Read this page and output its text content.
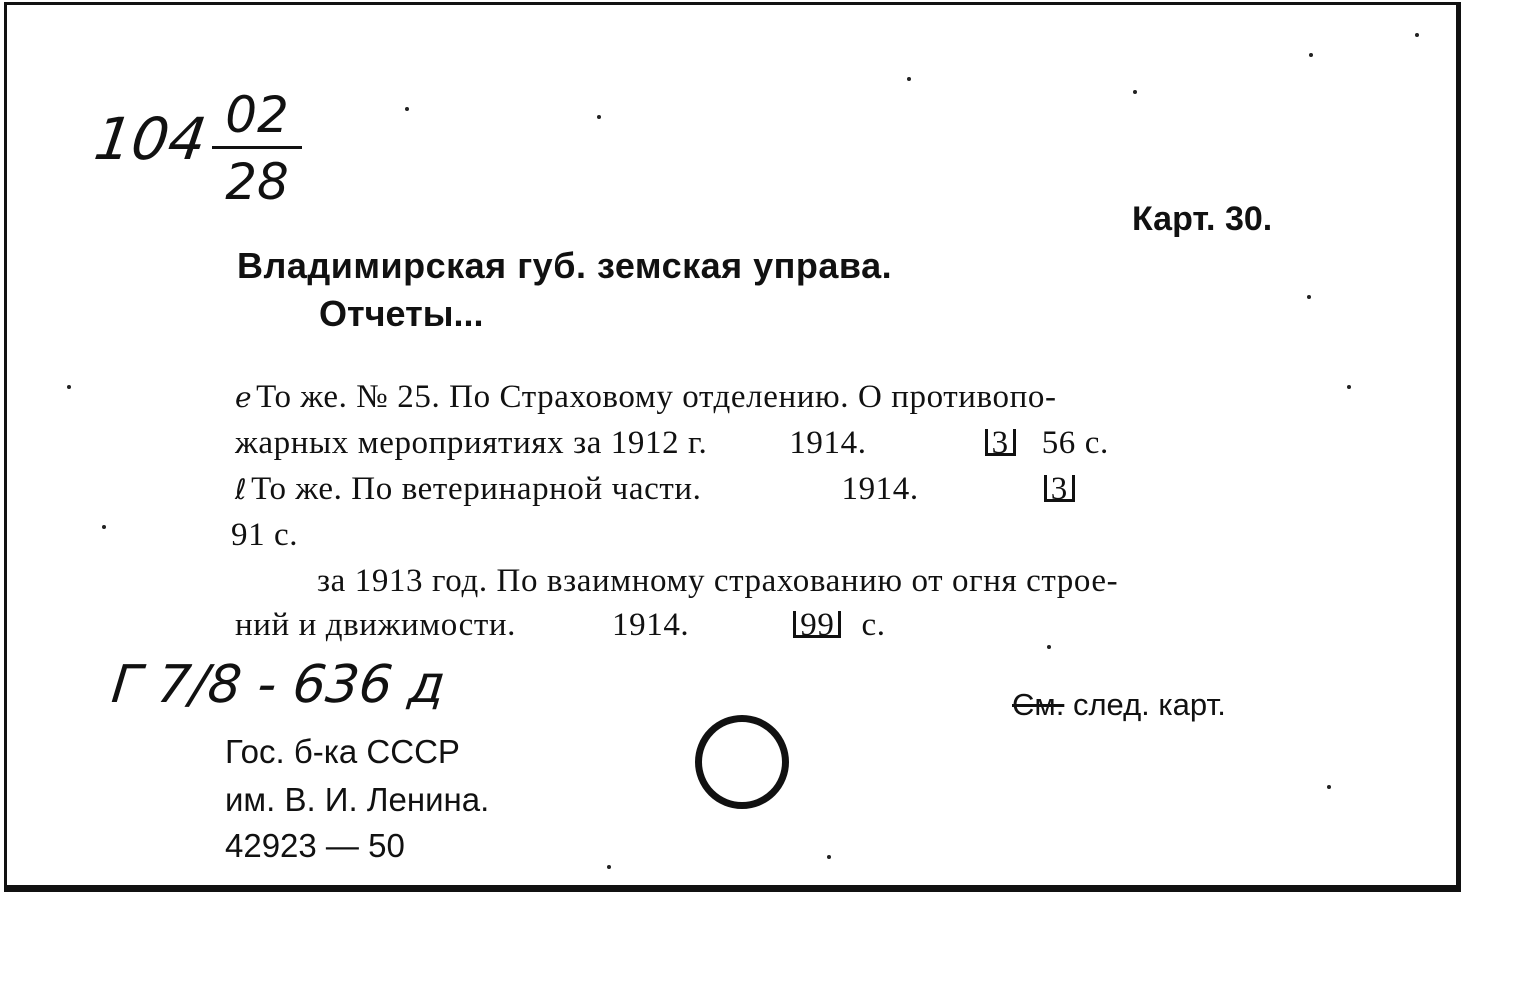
104 02
28
Карт. 30.
Владимирская губ. земская управа.
Отчеты...
ℯ То же. № 25. По Страховому отделению. О противопо-
жарных мероприятиях за 1912 г. 1914.	3 56 с.
ℓ То же. По ветеринарной части.	1914.	3
91 с.
за 1913 год. По взаимному страхованию от огня строе-
ний и движимости.	1914.	99 с.
Г 7/8 - 636 д	См. след. карт.
Гос. б-ка СССР
им. В. И. Ленина.
42923 — 50
